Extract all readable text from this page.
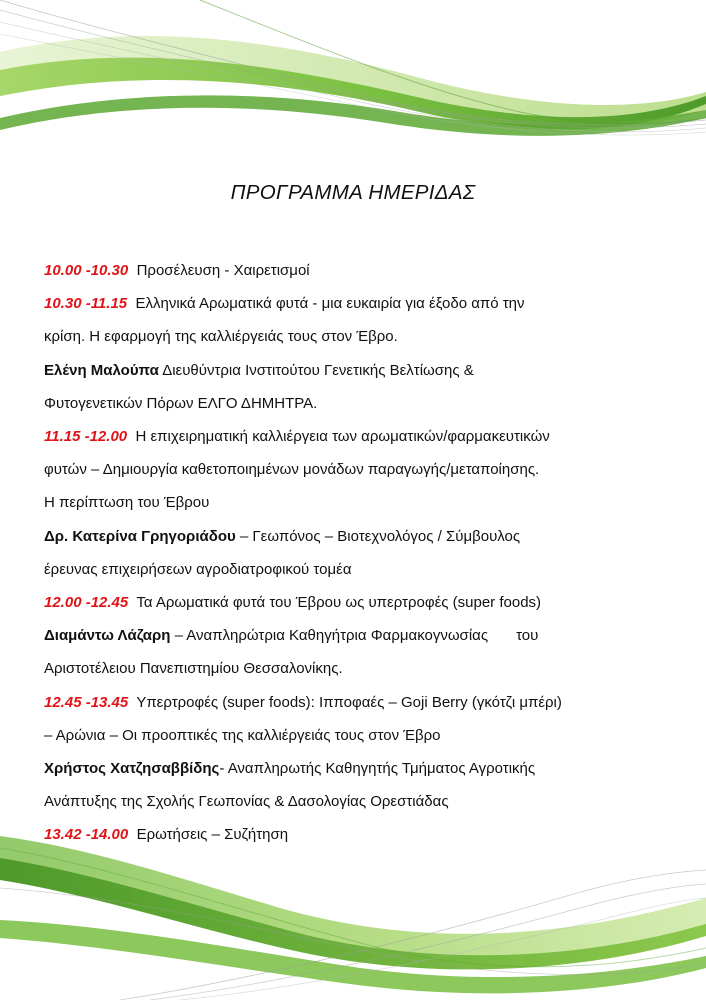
ΠΡΟΓΡΑΜΜΑ ΗΜΕΡΙΔΑΣ

10.00 -10.30 Προσέλευση - Χαιρετισμοί

10.30 -11.15 Ελληνικά Αρωματικά φυτά - μια ευκαιρία για έξοδο από την

κρίση. Η εφαρμογή της καλλιέργειάς τους στον Έβρο.

Ελένη Μαλούπα Διευθύντρια Ινστιτούτου Γενετικής Βελτίωσης &

Φυτογενετικών Πόρων ΕΛΓΟ ΔΗΜΗΤΡΑ.

11.15 -12.00 Η επιχειρηματική καλλιέργεια των αρωματικών/φαρμακευτικών

φυτών – Δημιουργία καθετοποιημένων μονάδων παραγωγής/μεταποίησης.

Η περίπτωση του Έβρου

Δρ. Κατερίνα Γρηγοριάδου – Γεωπόνος – Βιοτεχνολόγος / Σύμβουλος

έρευνας επιχειρήσεων αγροδιατροφικού τομέα

12.00 -12.45 Τα Αρωματικά φυτά του Έβρου ως υπερτροφές (super foods)

Διαμάντω Λάζαρη – Αναπληρώτρια Καθηγήτρια Φαρμακογνωσίας του

Αριστοτέλειου Πανεπιστημίου Θεσσαλονίκης.

12.45 -13.45 Υπερτροφές (super foods): Ιπποφαές – Goji Berry (γκότζι μπέρι)

– Αρώνια – Οι προοπτικές της καλλιέργειάς τους στον Έβρο

Χρήστος Χατζησαββίδης- Αναπληρωτής Καθηγητής Τμήματος Αγροτικής

Ανάπτυξης της Σχολής Γεωπονίας & Δασολογίας Ορεστιάδας

13.42 -14.00 Ερωτήσεις – Συζήτηση
